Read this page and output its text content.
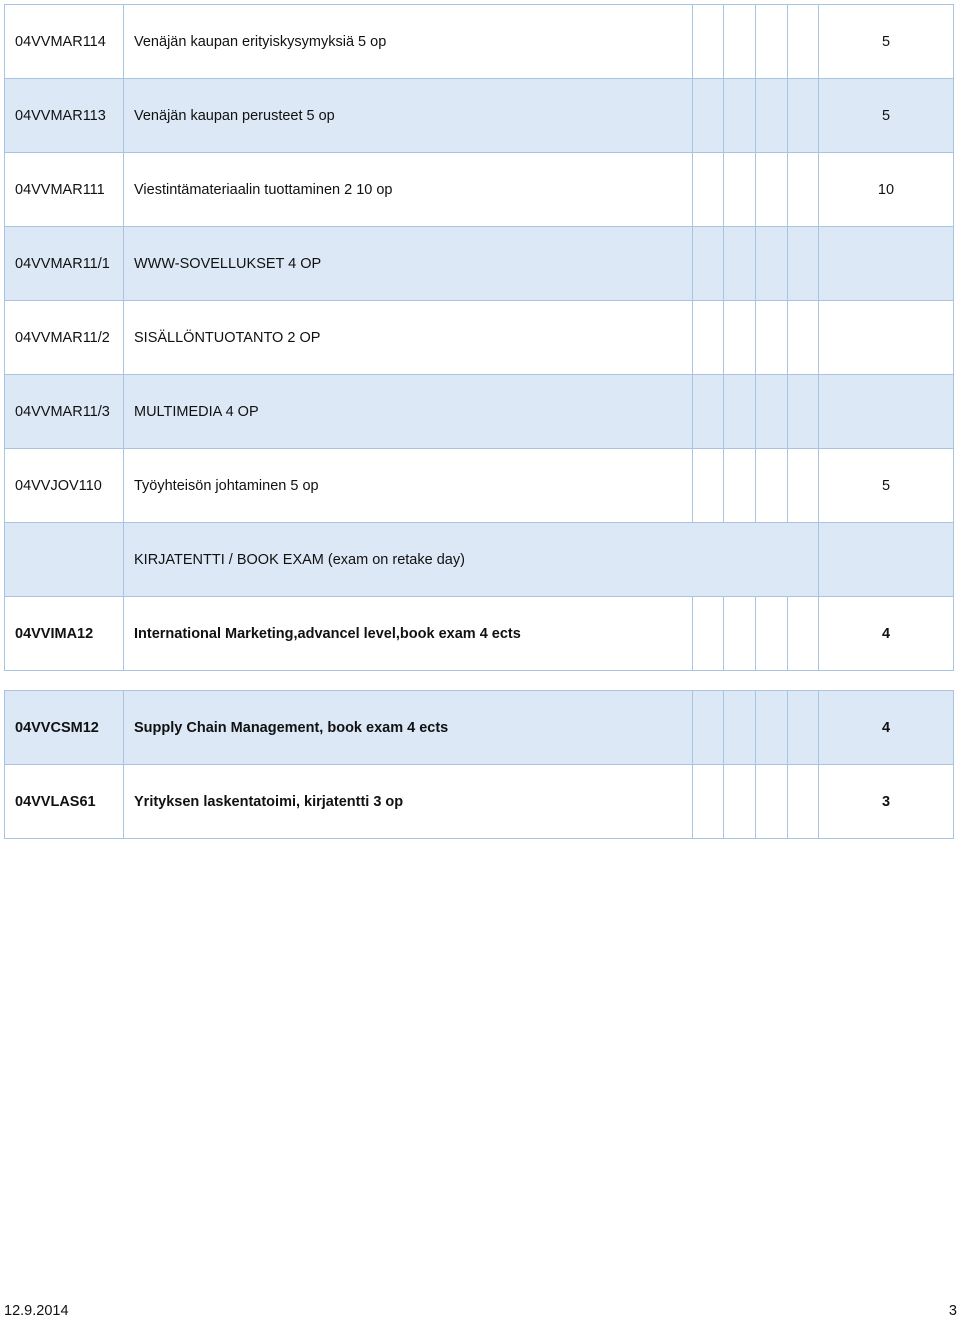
04VVMAR114	Venäjän kaupan erityiskysymyksiä 5 op					5
04VVMAR113	Venäjän kaupan perusteet 5 op					5
04VVMAR111	Viestintämateriaalin tuottaminen 2 10 op					10
04VVMAR11/1	WWW-SOVELLUKSET 4 OP					
04VVMAR11/2	SISÄLLÖNTUOTANTO 2 OP					
04VVMAR11/3	MULTIMEDIA 4 OP					
04VVJOV110	Työyhteisön johtaminen 5 op					5
	KIRJATENTTI / BOOK EXAM (exam on retake day)					
04VVIMA12	International Marketing,advancel level,book exam 4 ects					4
04VVCSM12	Supply Chain Management, book exam 4 ects					4
04VVLAS61	Yrityksen laskentatoimi, kirjatentti 3 op					3
12.9.2014	3
